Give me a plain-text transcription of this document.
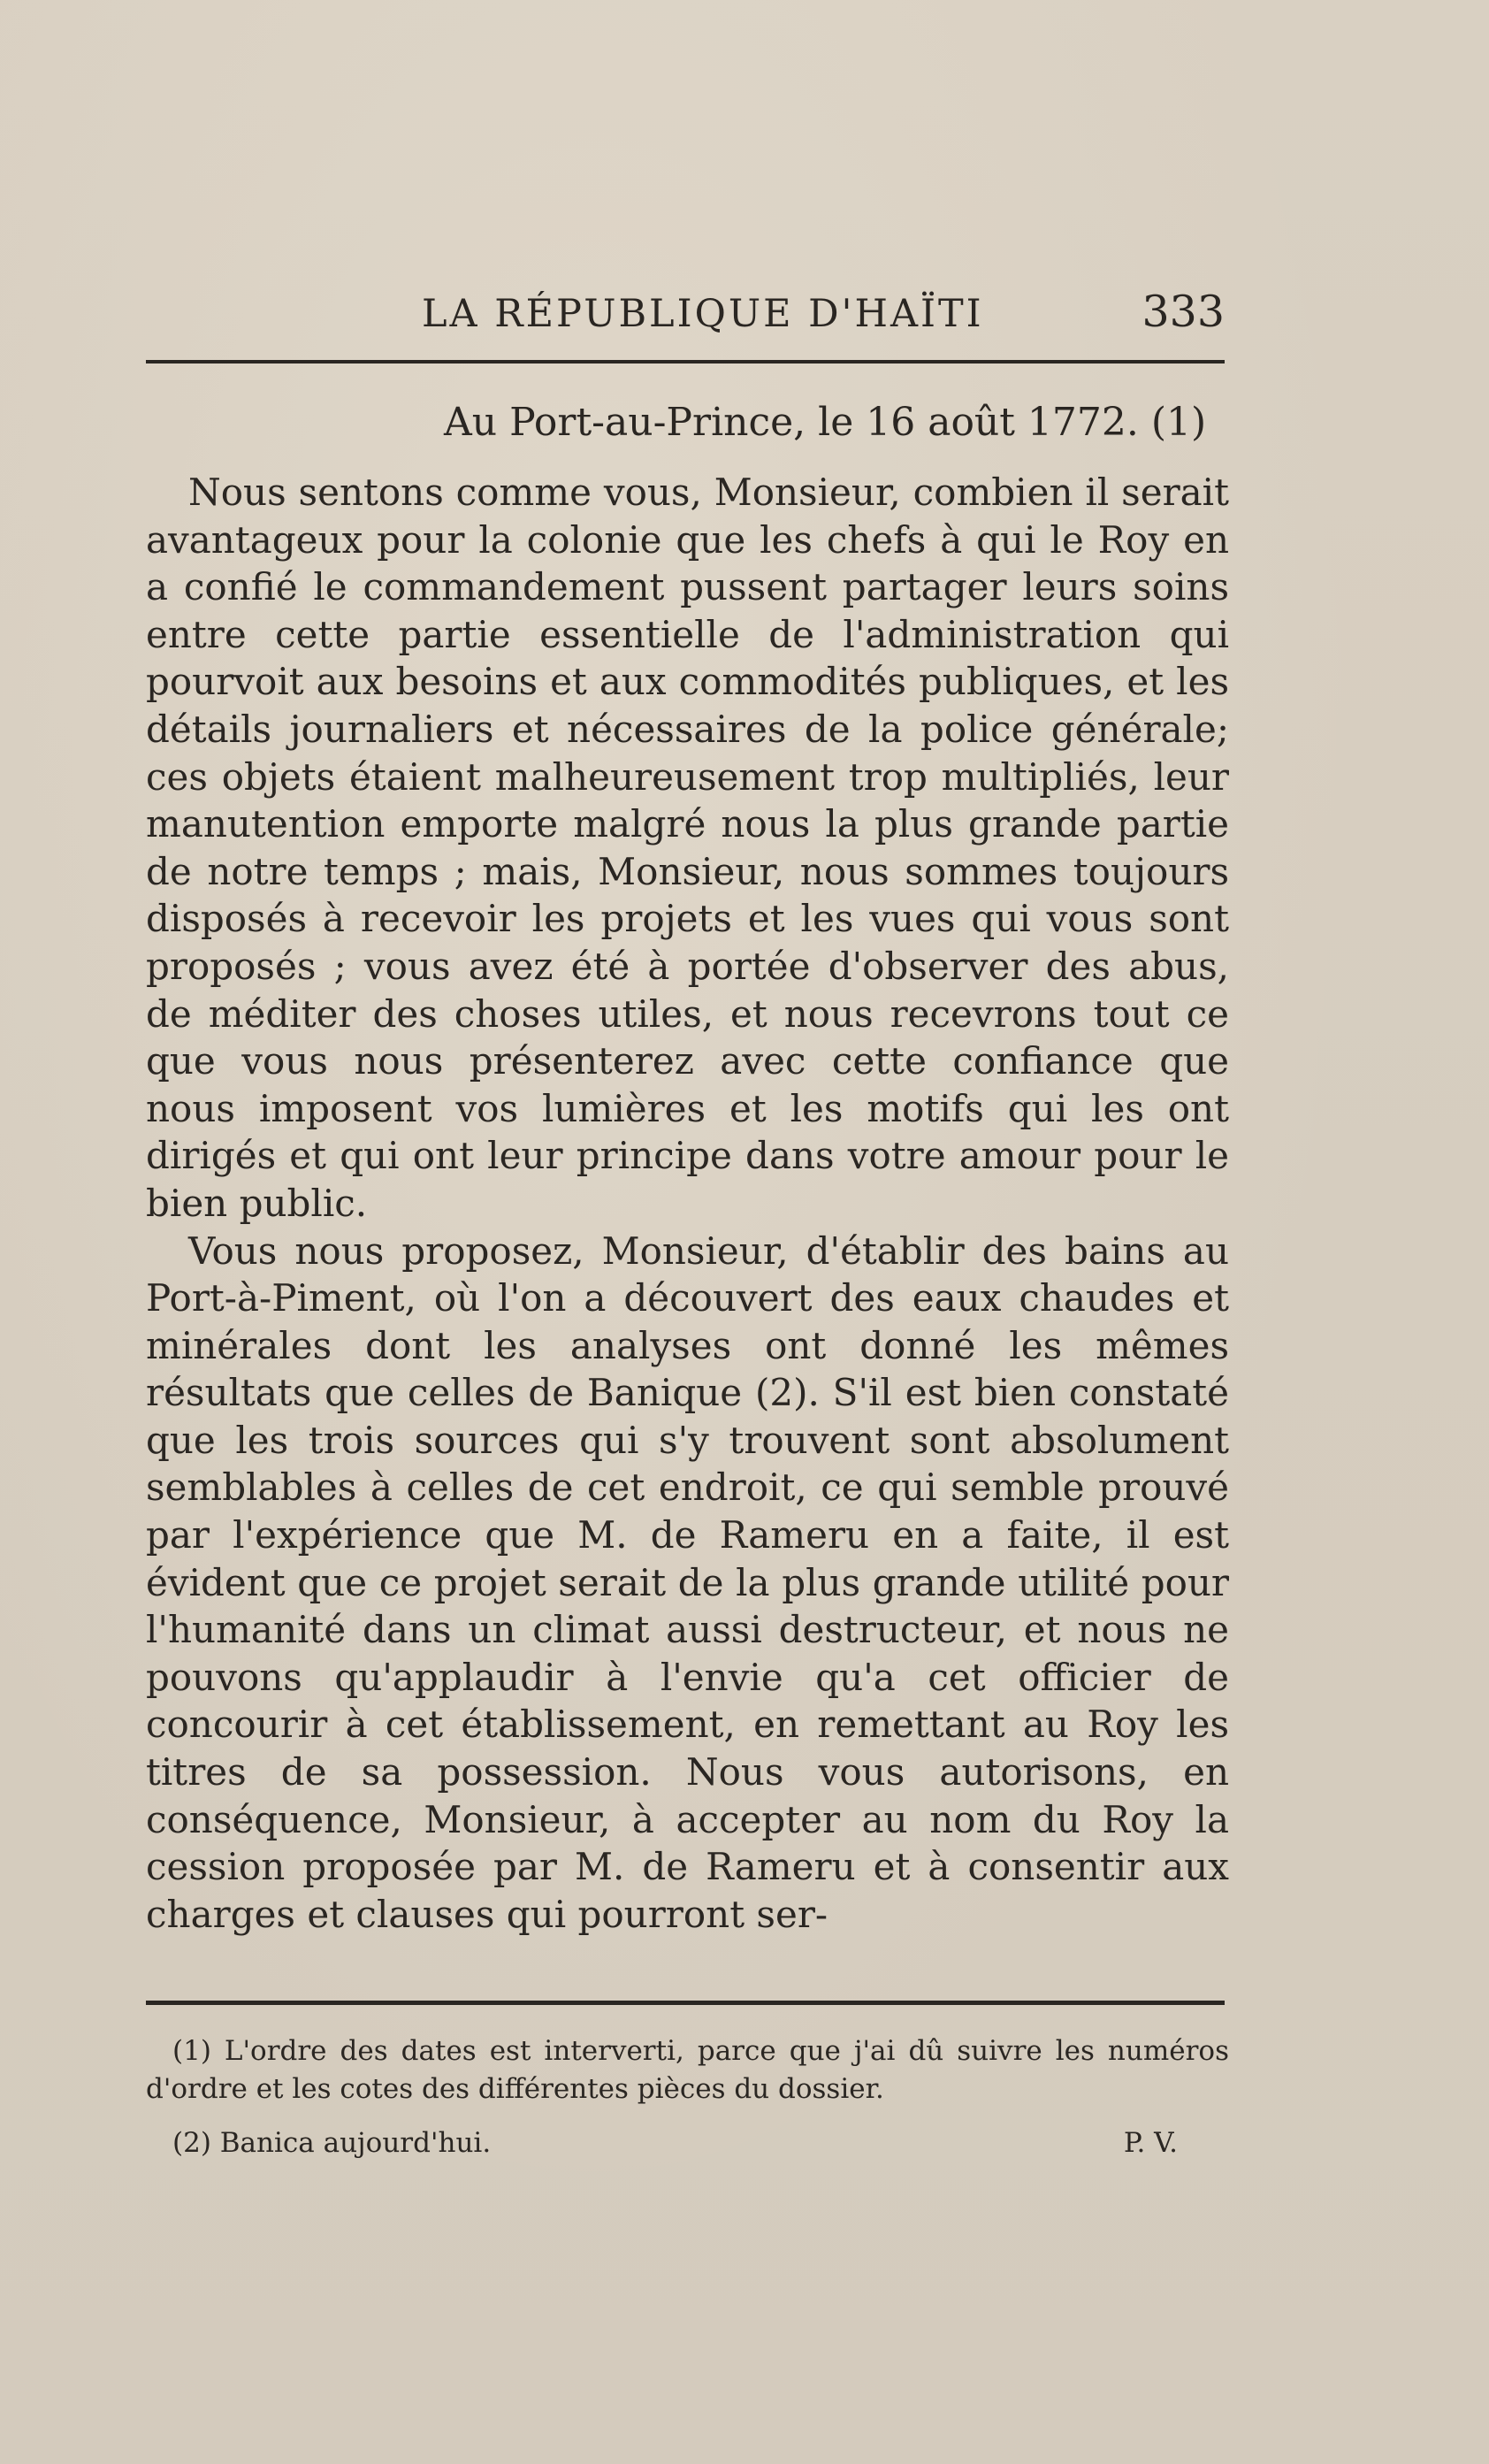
LA RÉPUBLIQUE D'HAÏTI	333
Au Port-au-Prince, le 16 août 1772. (1)

Nous sentons comme vous, Monsieur, combien il serait avantageux pour la colonie que les chefs à qui le Roy en a confié le commandement pussent partager leurs soins entre cette partie essentielle de l'administration qui pourvoit aux besoins et aux commodités publiques, et les détails journaliers et nécessaires de la police générale; ces objets étaient malheureusement trop multipliés, leur manutention emporte malgré nous la plus grande partie de notre temps ; mais, Monsieur, nous sommes toujours disposés à recevoir les projets et les vues qui vous sont proposés ; vous avez été à portée d'observer des abus, de méditer des choses utiles, et nous recevrons tout ce que vous nous présenterez avec cette confiance que nous imposent vos lumières et les motifs qui les ont dirigés et qui ont leur principe dans votre amour pour le bien public.

Vous nous proposez, Monsieur, d'établir des bains au Port-à-Piment, où l'on a découvert des eaux chaudes et minérales dont les analyses ont donné les mêmes résultats que celles de Banique (2). S'il est bien constaté que les trois sources qui s'y trouvent sont absolument semblables à celles de cet endroit, ce qui semble prouvé par l'expérience que M. de Rameru en a faite, il est évident que ce projet serait de la plus grande utilité pour l'humanité dans un climat aussi destructeur, et nous ne pouvons qu'applaudir à l'envie qu'a cet officier de concourir à cet établissement, en remettant au Roy les titres de sa possession. Nous vous autorisons, en conséquence, Monsieur, à accepter au nom du Roy la cession proposée par M. de Rameru et à consentir aux charges et clauses qui pourront ser-

(1) L'ordre des dates est interverti, parce que j'ai dû suivre les numéros d'ordre et les cotes des différentes pièces du dossier.

(2) Banica aujourd'hui.	P. V.
